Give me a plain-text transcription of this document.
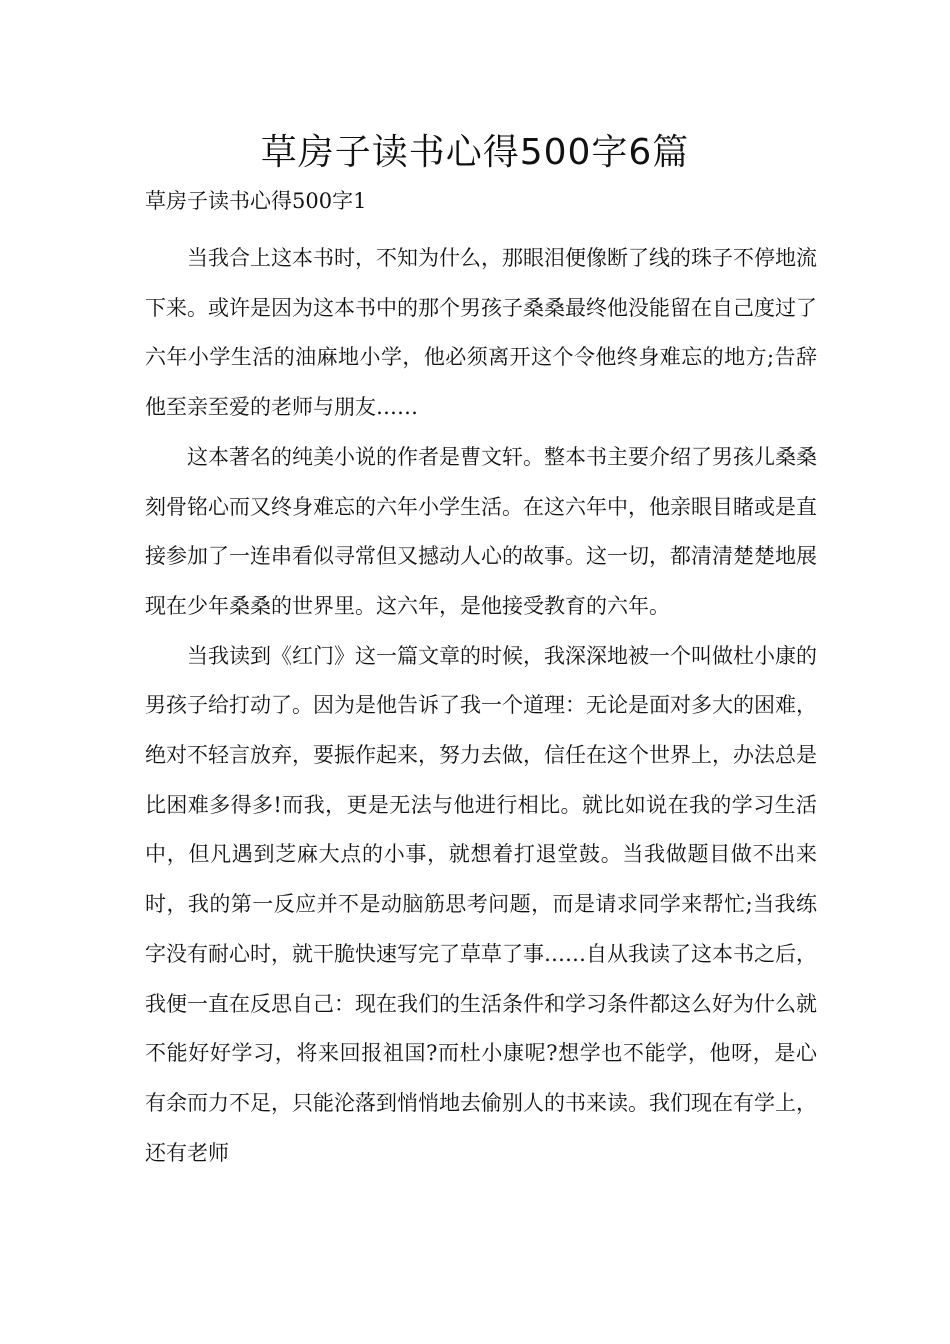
草房子读书心得500字6篇
草房子读书心得500字1

当我合上这本书时，不知为什么，那眼泪便像断了线的珠子不停地流下来。或许是因为这本书中的那个男孩子桑桑最终他没能留在自己度过了六年小学生活的油麻地小学，他必须离开这个令他终身难忘的地方;告辞他至亲至爱的老师与朋友……

这本著名的纯美小说的作者是曹文轩。整本书主要介绍了男孩儿桑桑刻骨铭心而又终身难忘的六年小学生活。在这六年中，他亲眼目睹或是直接参加了一连串看似寻常但又撼动人心的故事。这一切，都清清楚楚地展现在少年桑桑的世界里。这六年，是他接受教育的六年。

当我读到《红门》这一篇文章的时候，我深深地被一个叫做杜小康的男孩子给打动了。因为是他告诉了我一个道理：无论是面对多大的困难，绝对不轻言放弃，要振作起来，努力去做，信任在这个世界上，办法总是比困难多得多!而我，更是无法与他进行相比。就比如说在我的学习生活中，但凡遇到芝麻大点的小事，就想着打退堂鼓。当我做题目做不出来时，我的第一反应并不是动脑筋思考问题，而是请求同学来帮忙;当我练字没有耐心时，就干脆快速写完了草草了事……自从我读了这本书之后，我便一直在反思自己：现在我们的生活条件和学习条件都这么好为什么就不能好好学习，将来回报祖国?而杜小康呢?想学也不能学，他呀，是心有余而力不足，只能沦落到悄悄地去偷别人的书来读。我们现在有学上，还有老师
